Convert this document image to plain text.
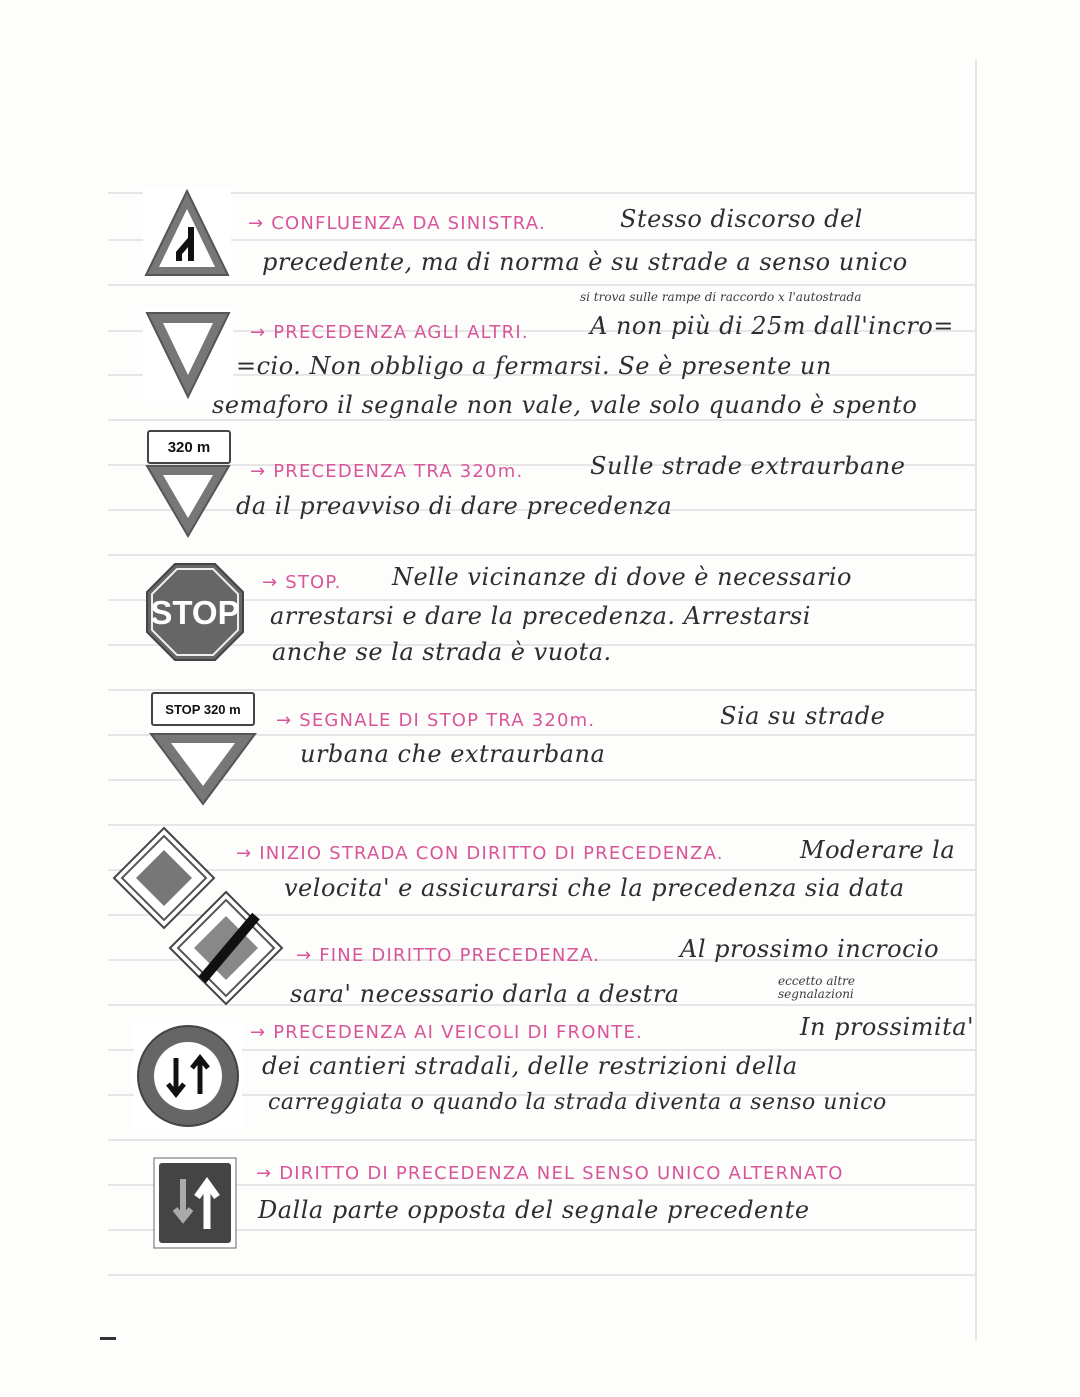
→ CONFLUENZA DA SINISTRA.	Stesso discorso del
precedente, ma di norma è su strade a senso unico
si trova sulle rampe di raccordo x l'autostrada
→ PRECEDENZA AGLI ALTRI.	A non più di 25m dall'incro=
=cio. Non obbligo a fermarsi. Se è presente un
semaforo il segnale non vale, vale solo quando è spento
320 m
→ PRECEDENZA TRA 320m.	Sulle strade extraurbane
da il preavviso di dare precedenza
STOP
→ STOP. Nelle vicinanze di dove è necessario
arrestarsi e dare la precedenza. Arrestarsi
anche se la strada è vuota.
STOP 320 m
→ SEGNALE DI STOP TRA 320m.	Sia su strade
urbana che extraurbana
→ INIZIO STRADA CON DIRITTO DI PRECEDENZA.	Moderare la
velocita' e assicurarsi che la precedenza sia data
→ FINE DIRITTO PRECEDENZA.	Al prossimo incrocio
sara' necessario darla a destra	eccetto altre segnalazioni
→ PRECEDENZA AI VEICOLI DI FRONTE.	In prossimita'
dei cantieri stradali, delle restrizioni della
carreggiata o quando la strada diventa a senso unico
→ DIRITTO DI PRECEDENZA NEL SENSO UNICO ALTERNATO
Dalla parte opposta del segnale precedente
